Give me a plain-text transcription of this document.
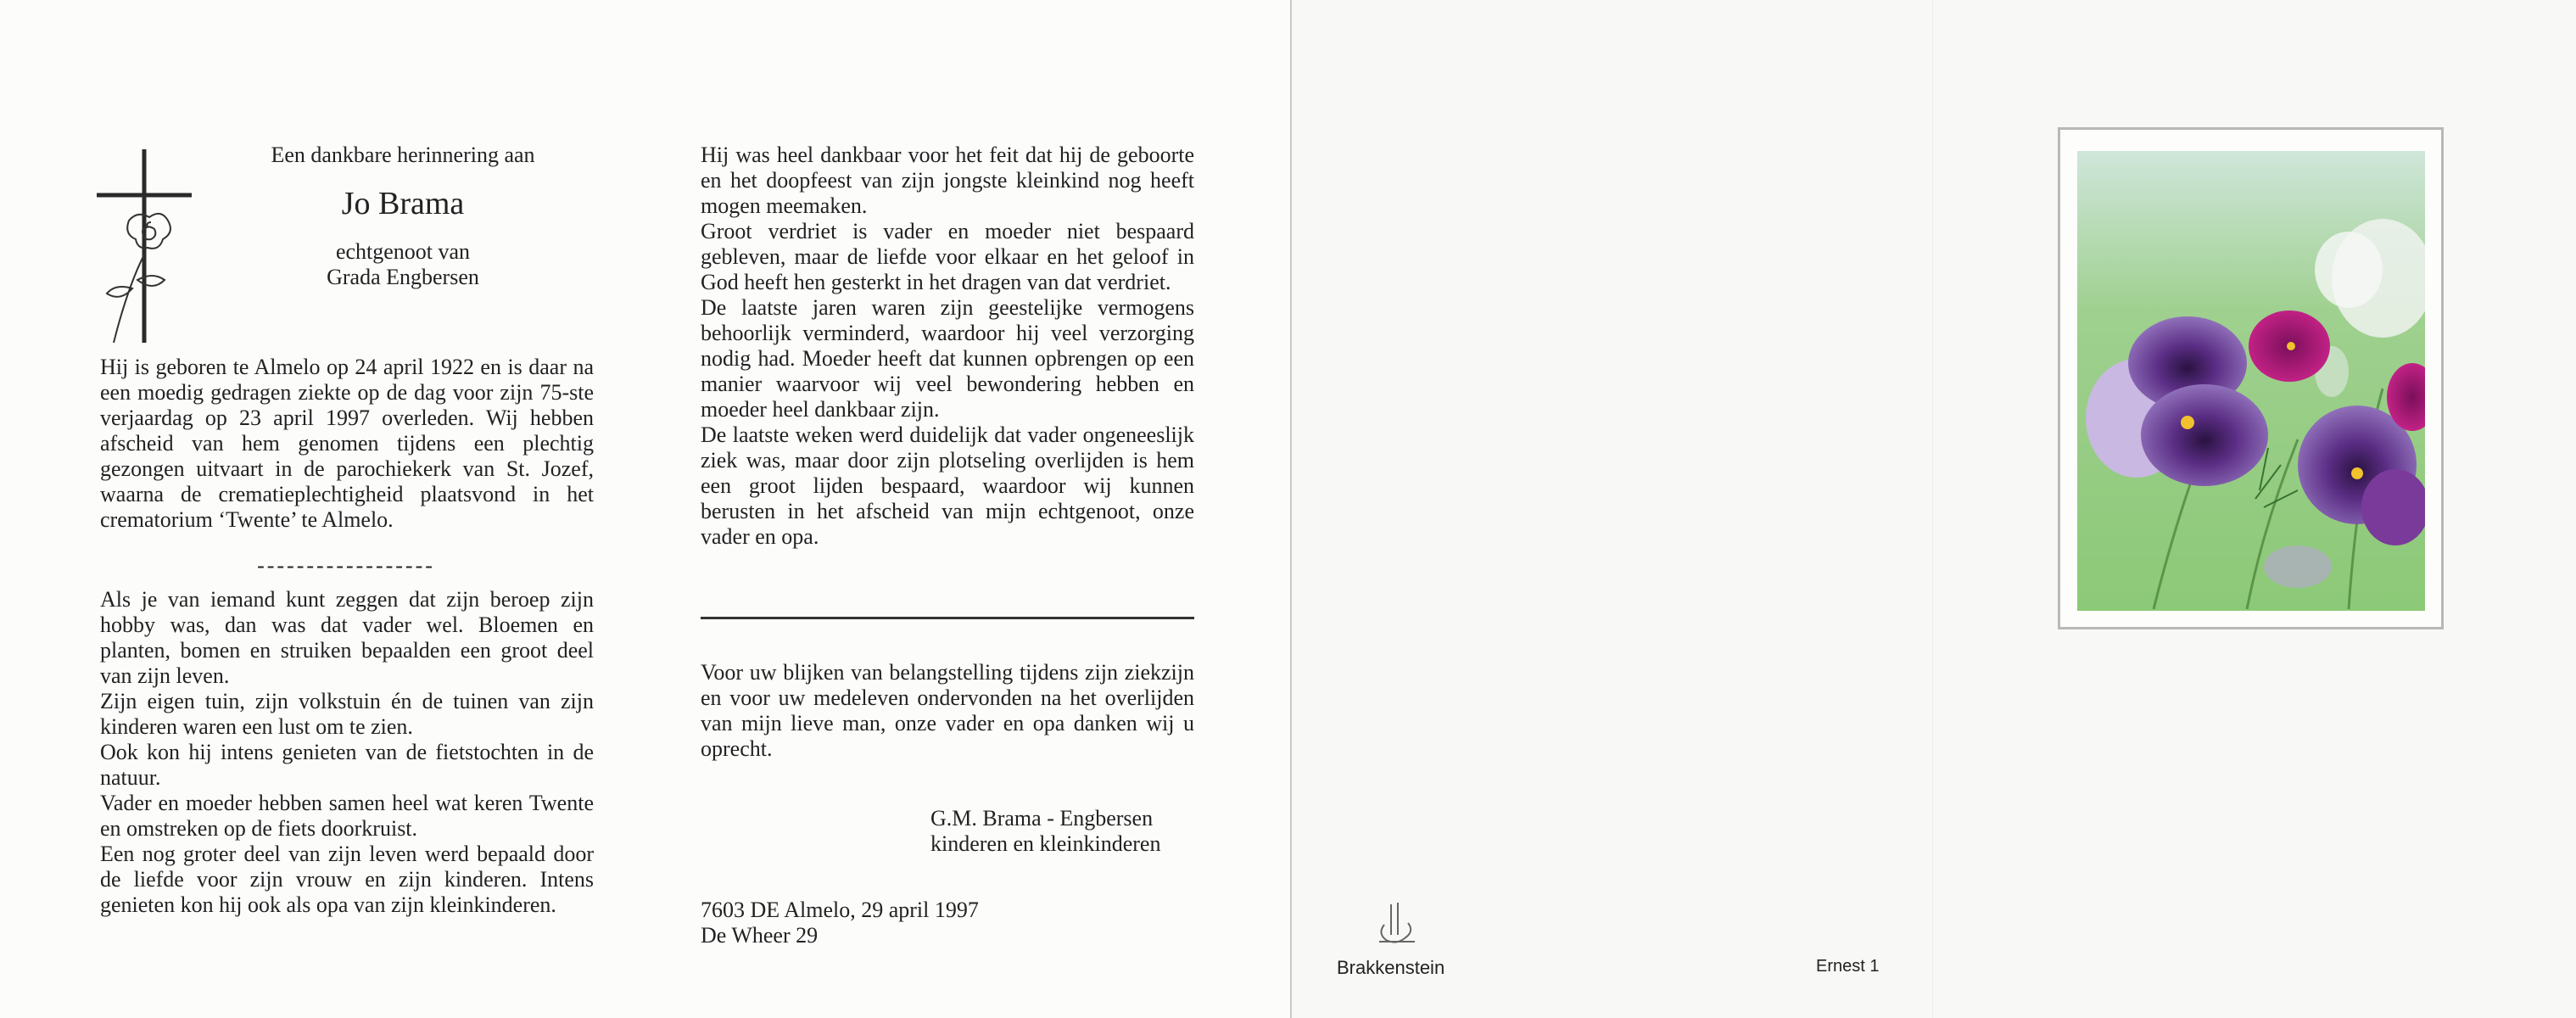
Een dankbare herinnering aan
Jo Brama
echtgenoot van
Grada Engbersen

Hij is geboren te Almelo op 24 april 1922 en is daar na een moedig gedragen ziekte op de dag voor zijn 75-ste verjaardag op 23 april 1997 overleden. Wij hebben afscheid van hem genomen tijdens een plechtig gezongen uitvaart in de parochiekerk van St. Jozef, waarna de crematieplechtigheid plaatsvond in het crematorium ‘Twente’ te Almelo.

------------------

Als je van iemand kunt zeggen dat zijn beroep zijn hobby was, dan was dat vader wel. Bloemen en planten, bomen en struiken bepaalden een groot deel van zijn leven.

Zijn eigen tuin, zijn volkstuin én de tuinen van zijn kinderen waren een lust om te zien.

Ook kon hij intens genieten van de fietstochten in de natuur.

Vader en moeder hebben samen heel wat keren Twente en omstreken op de fiets doorkruist.

Een nog groter deel van zijn leven werd bepaald door de liefde voor zijn vrouw en zijn kinderen. Intens genieten kon hij ook als opa van zijn kleinkinderen.

Hij was heel dankbaar voor het feit dat hij de geboorte en het doopfeest van zijn jongste kleinkind nog heeft mogen meemaken.

Groot verdriet is vader en moeder niet bespaard gebleven, maar de liefde voor elkaar en het geloof in God heeft hen gesterkt in het dragen van dat verdriet.

De laatste jaren waren zijn geestelijke vermogens behoorlijk verminderd, waardoor hij veel verzorging nodig had. Moeder heeft dat kunnen opbrengen op een manier waarvoor wij veel bewondering hebben en moeder heel dankbaar zijn.

De laatste weken werd duidelijk dat vader ongeneeslijk ziek was, maar door zijn plotseling overlijden is hem een groot lijden bespaard, waardoor wij kunnen berusten in het afscheid van mijn echtgenoot, onze vader en opa.

Voor uw blijken van belangstelling tijdens zijn ziekzijn en voor uw medeleven ondervonden na het overlijden van mijn lieve man, onze vader en opa danken wij u oprecht.

G.M. Brama - Engbersen
kinderen en kleinkinderen
7603 DE Almelo, 29 april 1997
De Wheer 29
Brakkenstein	Ernest 1
